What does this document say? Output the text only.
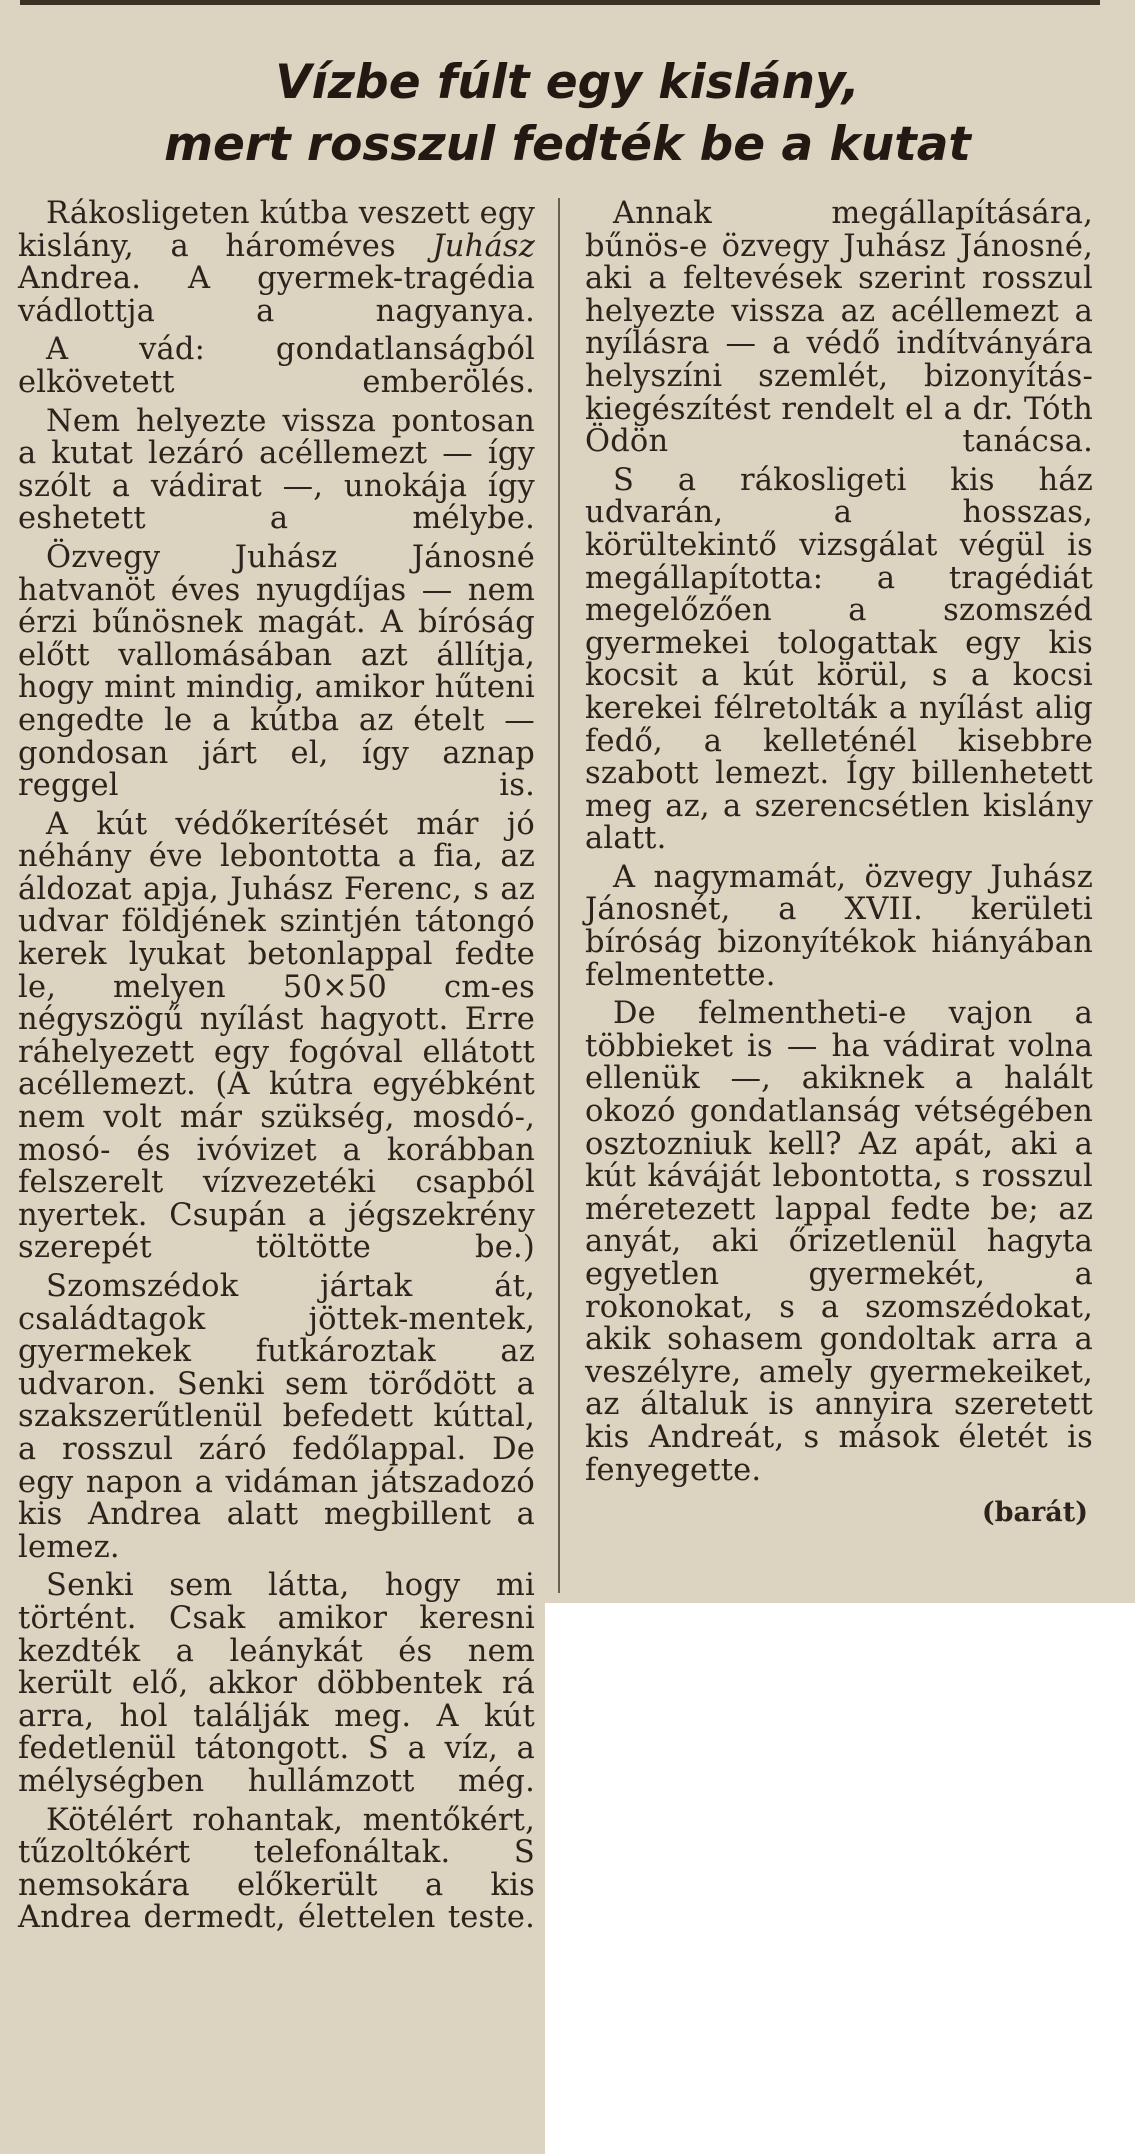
Vízbe fúlt egy kislány,
mert rosszul fedték be a kutat

Rákosligeten kútba veszett egy kislány, a hároméves Juhász Andrea. A gyermek-tragédia vádlottja a nagyanya.

A vád: gondatlanságból elkövetett emberölés.

Nem helyezte vissza pontosan a kutat lezáró acéllemezt — így szólt a vádirat —, unokája így eshetett a mélybe.

Özvegy Juhász Jánosné hatvanöt éves nyugdíjas — nem érzi bűnösnek magát. A bíróság előtt vallomásában azt állítja, hogy mint mindig, amikor hűteni engedte le a kútba az ételt — gondosan járt el, így aznap reggel is.

A kút védőkerítését már jó néhány éve lebontotta a fia, az áldozat apja, Juhász Ferenc, s az udvar földjének szintjén tátongó kerek lyukat betonlappal fedte le, melyen 50×50 cm-es négyszögű nyílást hagyott. Erre ráhelyezett egy fogóval ellátott acéllemezt. (A kútra egyébként nem volt már szükség, mosdó-, mosó- és ivóvizet a korábban felszerelt vízvezetéki csapból nyertek. Csupán a jégszekrény szerepét töltötte be.)

Szomszédok jártak át, családtagok jöttek-mentek, gyermekek futkároztak az udvaron. Senki sem törődött a szakszerűtlenül befedett kúttal, a rosszul záró fedőlappal. De egy napon a vidáman játszadozó kis Andrea alatt megbillent a lemez.

Senki sem látta, hogy mi történt. Csak amikor keresni kezdték a leánykát és nem került elő, akkor döbbentek rá arra, hol találják meg. A kút fedetlenül tátongott. S a víz, a mélységben hullámzott még.

Kötélért rohantak, mentőkért, tűzoltókért telefonáltak. S nemsokára előkerült a kis Andrea dermedt, élettelen teste.

Annak megállapítására, bűnös-e özvegy Juhász Jánosné, aki a feltevések szerint rosszul helyezte vissza az acéllemezt a nyílásra — a védő indítványára helyszíni szemlét, bizonyítás-kiegészítést rendelt el a dr. Tóth Ödön tanácsa.

S a rákosligeti kis ház udvarán, a hosszas, körültekintő vizsgálat végül is megállapította: a tragédiát megelőzően a szomszéd gyermekei tologattak egy kis kocsit a kút körül, s a kocsi kerekei félretolták a nyílást alig fedő, a kelleténél kisebbre szabott lemezt. Így billenhetett meg az, a szerencsétlen kislány alatt.

A nagymamát, özvegy Juhász Jánosnét, a XVII. kerületi bíróság bizonyítékok hiányában felmentette.

De felmentheti-e vajon a többieket is — ha vádirat volna ellenük —, akiknek a halált okozó gondatlanság vétségében osztozniuk kell? Az apát, aki a kút káváját lebontotta, s rosszul méretezett lappal fedte be; az anyát, aki őrizetlenül hagyta egyetlen gyermekét, a rokonokat, s a szomszédokat, akik sohasem gondoltak arra a veszélyre, amely gyermekeiket, az általuk is annyira szeretett kis Andreát, s mások életét is fenyegette.

(barát)
